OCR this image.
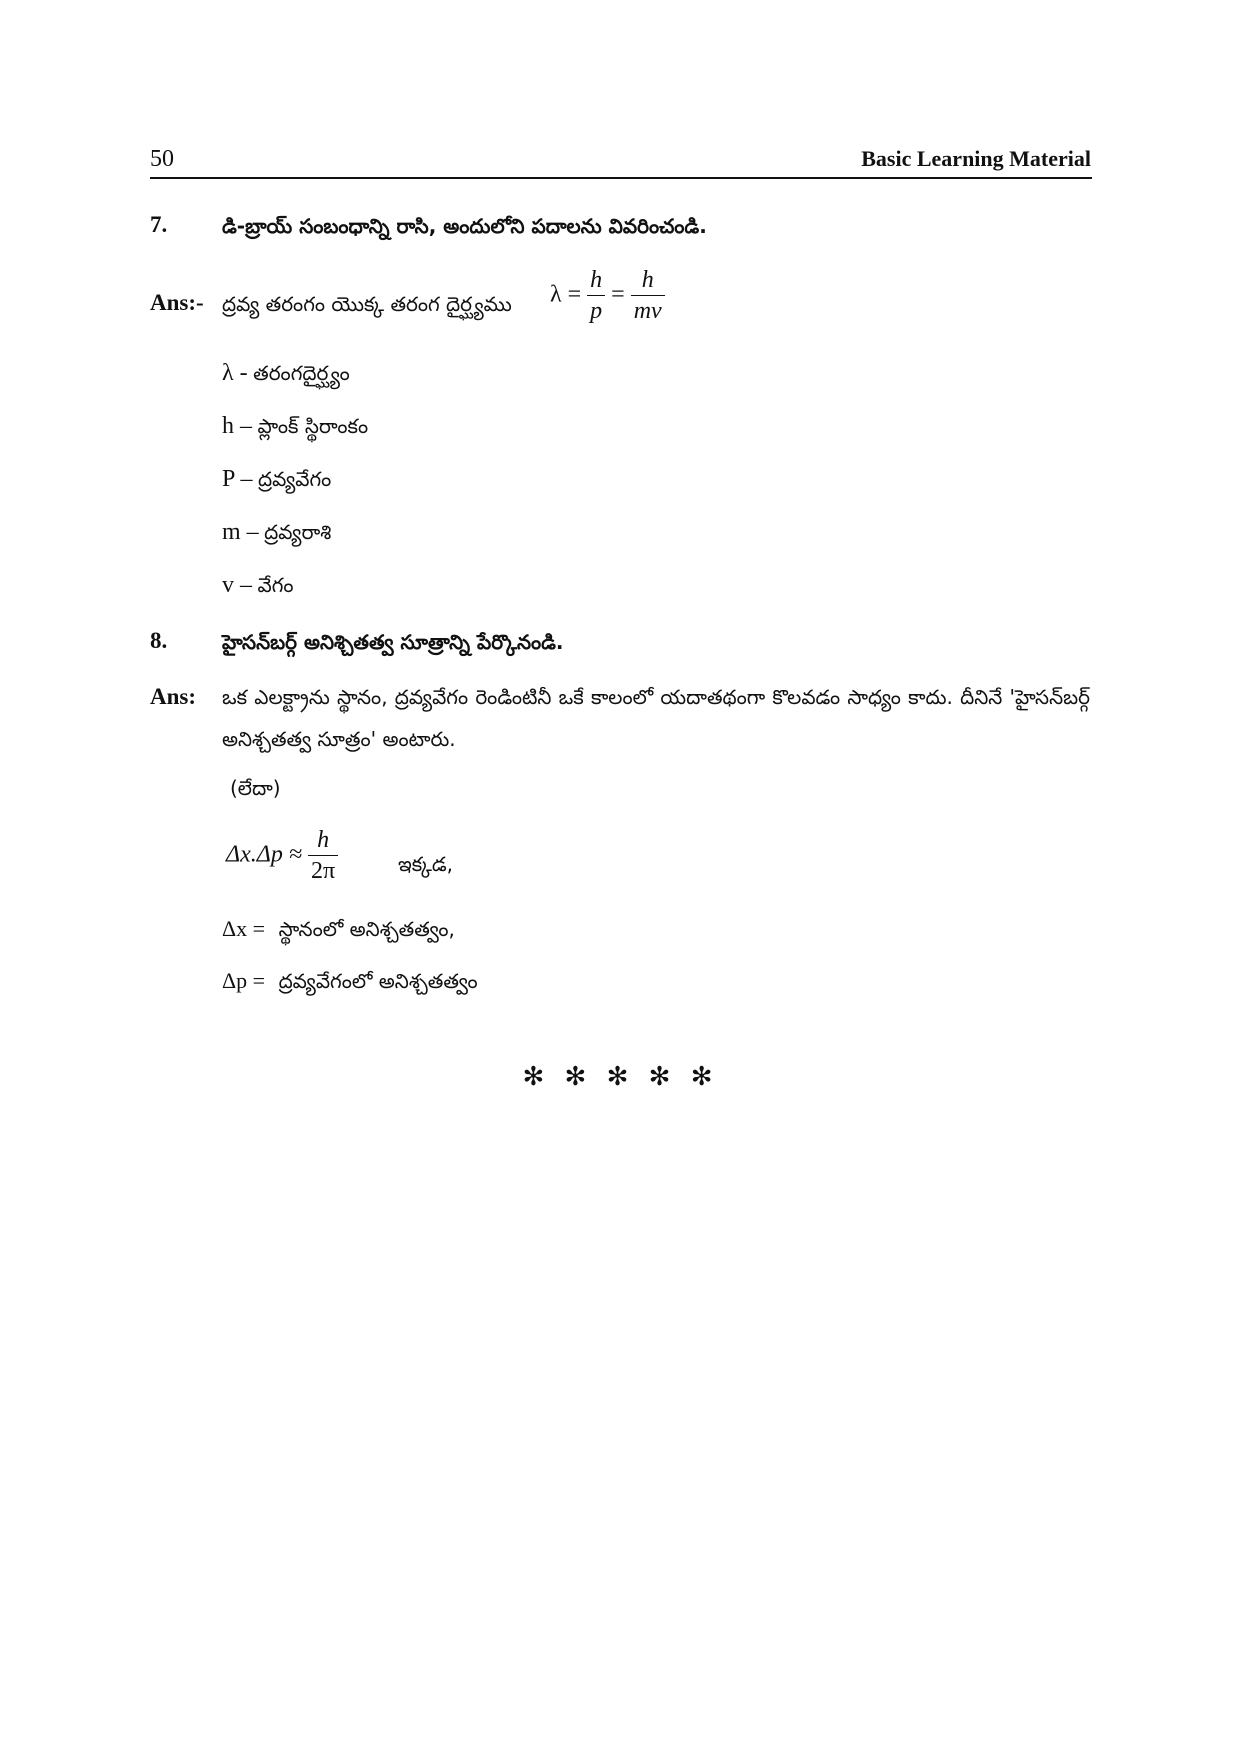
50	Basic Learning Material
7.	డి-బ్రాయ్ సంబంధాన్ని రాసి, అందులోని పదాలను వివరించండి.
Ans:- ద్రవ్య తరంగం యొక్క తరంగ దైర్ఘ్యము $\lambda = \frac{h}{p} = \frac{h}{mv}$
λ - తరంగదైర్ఘ్యం
h – ప్లాంక్ స్థిరాంకం
P – ద్రవ్యవేగం
m – ద్రవ్యరాశి
v – వేగం
8.	హైసన్‌బర్గ్ అనిశ్చితత్వ సూత్రాన్ని పేర్కొనండి.
Ans: ఒక ఎలక్ట్రాను స్థానం, ద్రవ్యవేగం రెండింటినీ ఒకే కాలంలో యదాతథంగా కొలవడం సాధ్యం కాదు. దీనినే 'హైసన్‌బర్గ్ అనిశ్చతత్వ సూత్రం' అంటారు.
(లేదా)
$\Delta x.\Delta p \approx \frac{h}{2\pi}$	ఇక్కడ,
Δx = స్థానంలో అనిశ్చతత్వం,
Δp = ద్రవ్యవేగంలో అనిశ్చతత్వం
✻ ✻ ✻ ✻ ✻
